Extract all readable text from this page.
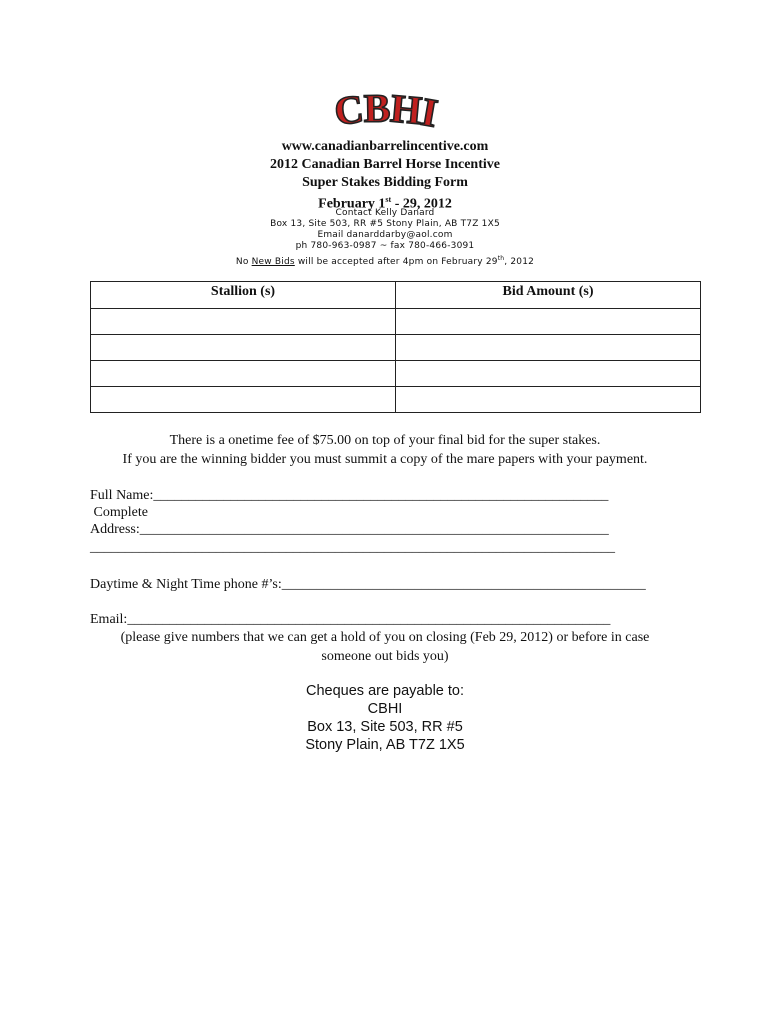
CBHI
www.canadianbarrelincentive.com
2012 Canadian Barrel Horse Incentive
Super Stakes Bidding Form
February 1st - 29, 2012
Contact Kelly Danard
Box 13, Site 503, RR #5 Stony Plain, AB T7Z 1X5
Email danarddarby@aol.com
ph 780-963-0987 ~ fax 780-466-3091
No New Bids will be accepted after 4pm on February 29th, 2012
Stallion (s)	Bid Amount (s)

There is a onetime fee of $75.00 on top of your final bid for the super stakes.
If you are the winning bidder you must summit a copy of the mare papers with your payment.
Full Name:_________________________________________________________________
Complete
Address:___________________________________________________________________
___________________________________________________________________________
Daytime & Night Time phone #’s:____________________________________________________
Email:_____________________________________________________________________
(please give numbers that we can get a hold of you on closing (Feb 29, 2012) or before in case
someone out bids you)
Cheques are payable to:
CBHI
Box 13, Site 503, RR #5
Stony Plain, AB T7Z 1X5
